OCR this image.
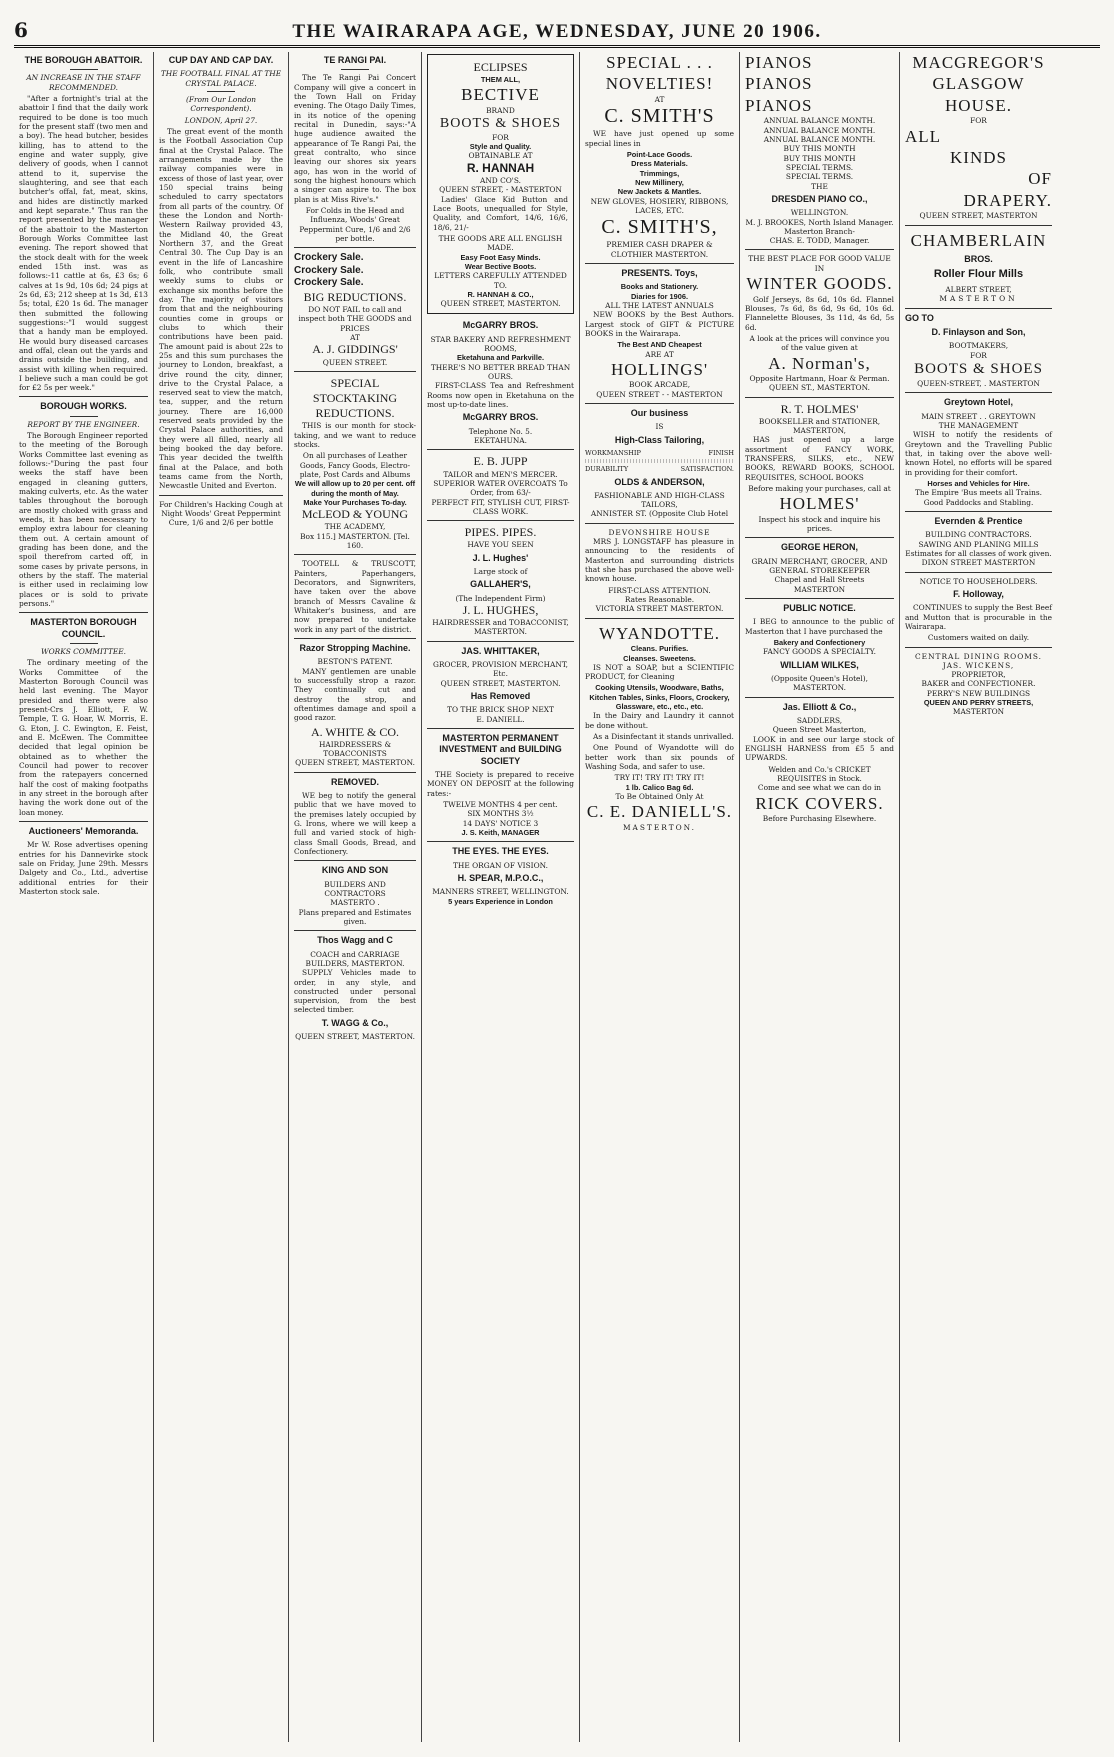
6	THE WAIRARAPA AGE, WEDNESDAY, JUNE 20 1906.
THE BOROUGH ABATTOIR.
AN INCREASE IN THE STAFF RECOMMENDED.

"After a fortnight's trial at the abattoir I find that the daily work required to be done is too much for the present staff (two men and a boy). The head butcher, besides killing, has to attend to the engine and water supply, give delivery of goods, when I cannot attend to it, supervise the slaughtering, and see that each butcher's offal, fat, meat, skins, and hides are distinctly marked and kept separate." Thus ran the report presented by the manager of the abattoir to the Masterton Borough Works Committee last evening. The report showed that the stock dealt with for the week ended 15th inst. was as follows:-11 cattle at 6s, £3 6s; 6 calves at 1s 9d, 10s 6d; 24 pigs at 2s 6d, £3; 212 sheep at 1s 3d, £13 5s; total, £20 1s 6d. The manager then submitted the following suggestions:-"I would suggest that a handy man be employed. He would bury diseased carcases and offal, clean out the yards and drains outside the building, and assist with killing when required. I believe such a man could be got for £2 5s per week."

BOROUGH WORKS.
REPORT BY THE ENGINEER.

The Borough Engineer reported to the meeting of the Borough Works Committee last evening as follows:-"During the past four weeks the staff have been engaged in cleaning gutters, making culverts, etc. As the water tables throughout the borough are mostly choked with grass and weeds, it has been necessary to employ extra labour for cleaning them out. A certain amount of grading has been done, and the spoil therefrom carted off, in some cases by private persons, in others by the staff. The material is either used in reclaiming low places or is sold to private persons."

MASTERTON BOROUGH COUNCIL.
WORKS COMMITTEE.

The ordinary meeting of the Works Committee of the Masterton Borough Council was held last evening. The Mayor presided and there were also present-Crs J. Elliott, F. W. Temple, T. G. Hoar, W. Morris, E. G. Eton, J. C. Ewington, E. Feist, and E. McEwen. The Committee decided that legal opinion be obtained as to whether the Council had power to recover from the ratepayers concerned half the cost of making footpaths in any street in the borough after having the work done out of the loan money.

Auctioneers' Memoranda.

Mr W. Rose advertises opening entries for his Dannevirke stock sale on Friday, June 29th. Messrs Dalgety and Co., Ltd., advertise additional entries for their Masterton stock sale.

CUP DAY AND CAP DAY.
THE FOOTBALL FINAL AT THE CRYSTAL PALACE.
(From Our London Correspondent).
LONDON, April 27.

The great event of the month is the Football Association Cup final at the Crystal Palace. The arrangements made by the railway companies were in excess of those of last year, over 150 special trains being scheduled to carry spectators from all parts of the country. Of these the London and North-Western Railway provided 43, the Midland 40, the Great Northern 37, and the Great Central 30. The Cup Day is an event in the life of Lancashire folk, who contribute small weekly sums to clubs or exchange six months before the day. The majority of visitors from that and the neighbouring counties come in groups or clubs to which their contributions have been paid. The amount paid is about 22s to 25s and this sum purchases the journey to London, breakfast, a drive round the city, dinner, drive to the Crystal Palace, a reserved seat to view the match, tea, supper, and the return journey. There are 16,000 reserved seats provided by the Crystal Palace authorities, and they were all filled, nearly all being booked the day before. This year decided the twelfth final at the Palace, and both teams came from the North, Newcastle United and Everton.

For Children's Hacking Cough at Night Woods' Great Peppermint Cure, 1/6 and 2/6 per bottle
TE RANGI PAI.

The Te Rangi Pai Concert Company will give a concert in the Town Hall on Friday evening. The Otago Daily Times, in its notice of the opening recital in Dunedin, says:-"A huge audience awaited the appearance of Te Rangi Pai, the great contralto, who since leaving our shores six years ago, has won in the world of song the highest honours which a singer can aspire to. The box plan is at Miss Rive's."

For Colds in the Head and Influenza, Woods' Great Peppermint Cure, 1/6 and 2/6 per bottle.
Crockery Sale.
Crockery Sale.
Crockery Sale.
BIG REDUCTIONS.
DO NOT FAIL to call and inspect both THE GOODS and PRICES
AT
A. J. GIDDINGS'
QUEEN STREET.
SPECIAL STOCKTAKING REDUCTIONS.

THIS is our month for stock-taking, and we want to reduce stocks.

On all purchases of Leather Goods, Fancy Goods, Electro-plate, Post Cards and Albums
We will allow up to 20 per cent. off during the month of May.
Make Your Purchases To-day.
McLEOD & YOUNG
THE ACADEMY,
Box 115.] MASTERTON. [Tel. 160.

TOOTELL & TRUSCOTT, Painters, Paperhangers, Decorators, and Signwriters, have taken over the above branch of Messrs Cavaline & Whitaker's business, and are now prepared to undertake work in any part of the district.

Razor Stropping Machine.
BESTON'S PATENT.

MANY gentlemen are unable to successfully strop a razor. They continually cut and destroy the strop, and oftentimes damage and spoil a good razor.

A. WHITE & CO.
HAIRDRESSERS & TOBACCONISTS
QUEEN STREET, MASTERTON.
REMOVED.

WE beg to notify the general public that we have moved to the premises lately occupied by G. Irons, where we will keep a full and varied stock of high-class Small Goods, Bread, and Confectionery.

KING AND SON
BUILDERS AND CONTRACTORS
MASTERTO .
Plans prepared and Estimates given.
Thos Wagg and C
COACH and CARRIAGE BUILDERS, MASTERTON.

SUPPLY Vehicles made to order, in any style, and constructed under personal supervision, from the best selected timber.

T. WAGG & Co.,
QUEEN STREET, MASTERTON.
ECLIPSES
THEM ALL,
BECTIVE
BRAND
BOOTS & SHOES
FOR
Style and Quality.
OBTAINABLE AT
R. HANNAH
AND CO'S.
QUEEN STREET, - MASTERTON

Ladies' Glace Kid Button and Lace Boots, unequalled for Style, Quality, and Comfort, 14/6, 16/6, 18/6, 21/-

THE GOODS ARE ALL ENGLISH MADE.
Easy Foot Easy Minds.
Wear Bective Boots.
LETTERS CAREFULLY ATTENDED TO.
R. HANNAH & CO.,
QUEEN STREET, MASTERTON.
McGARRY BROS.
STAR BAKERY AND REFRESHMENT ROOMS,
Eketahuna and Parkville.
THERE'S NO BETTER BREAD THAN OURS.

FIRST-CLASS Tea and Refreshment Rooms now open in Eketahuna on the most up-to-date lines.

McGARRY BROS.
Telephone No. 5.
EKETAHUNA.
E. B. JUPP
TAILOR and MEN'S MERCER.
SUPERIOR WATER OVERCOATS To Order, from 63/-
PERFECT FIT, STYLISH CUT, FIRST-CLASS WORK.
PIPES. PIPES.
HAVE YOU SEEN
J. L. Hughes'
Large stock of
GALLAHER'S,
(The Independent Firm)
J. L. HUGHES,
HAIRDRESSER and TOBACCONIST,
MASTERTON.
JAS. WHITTAKER,
GROCER, PROVISION MERCHANT, Etc.
QUEEN STREET, MASTERTON.
Has Removed
TO THE BRICK SHOP NEXT
E. DANIELL.
MASTERTON PERMANENT INVESTMENT and BUILDING SOCIETY

THE Society is prepared to receive MONEY ON DEPOSIT at the following rates:-

TWELVE MONTHS 4 per cent.
SIX MONTHS 3½
14 DAYS' NOTICE 3
J. S. Keith, MANAGER
THE EYES. THE EYES.
THE ORGAN OF VISION.
H. SPEAR, M.P.O.C.,
MANNERS STREET, WELLINGTON.
5 years Experience in London
SPECIAL . . .
NOVELTIES!
AT
C. SMITH'S

WE have just opened up some special lines in

Point-Lace Goods.
Dress Materials.
Trimmings,
New Millinery,
New Jackets & Mantles.
NEW GLOVES, HOSIERY, RIBBONS, LACES, ETC.
C. SMITH'S,
PREMIER CASH DRAPER & CLOTHIER MASTERTON.
PRESENTS. Toys,
Books and Stationery.
Diaries for 1906.
ALL THE LATEST ANNUALS

NEW BOOKS by the Best Authors. Largest stock of GIFT & PICTURE BOOKS in the Wairarapa.

The Best AND Cheapest
ARE AT
HOLLINGS'
BOOK ARCADE,
QUEEN STREET - - MASTERTON
Our business
IS
High-Class Tailoring,
WORKMANSHIP	FINISH
DURABILITY	SATISFACTION.
OLDS & ANDERSON,
FASHIONABLE AND HIGH-CLASS TAILORS,
ANNISTER ST. (Opposite Club Hotel
DEVONSHIRE HOUSE

MRS J. LONGSTAFF has pleasure in announcing to the residents of Masterton and surrounding districts that she has purchased the above well-known house.

FIRST-CLASS ATTENTION.
Rates Reasonable.
VICTORIA STREET MASTERTON.
WYANDOTTE.
Cleans. Purifies.
Cleanses. Sweetens.

IS NOT a SOAP, but a SCIENTIFIC PRODUCT, for Cleaning

Cooking Utensils, Woodware, Baths, Kitchen Tables, Sinks, Floors, Crockery, Glassware, etc., etc., etc.

In the Dairy and Laundry it cannot be done without.

As a Disinfectant it stands unrivalled.

One Pound of Wyandotte will do better work than six pounds of Washing Soda, and safer to use.

TRY IT! TRY IT! TRY IT!
1 lb. Calico Bag 6d.
To Be Obtained Only At
C. E. DANIELL'S.
MASTERTON.
PIANOS
PIANOS
PIANOS
ANNUAL BALANCE MONTH.
ANNUAL BALANCE MONTH.
ANNUAL BALANCE MONTH.
BUY THIS MONTH
BUY THIS MONTH
SPECIAL TERMS.
SPECIAL TERMS.
THE
DRESDEN PIANO CO.,
WELLINGTON.
M. J. BROOKES, North Island Manager.
Masterton Branch-
CHAS. E. TODD, Manager.
THE BEST PLACE FOR GOOD VALUE IN
WINTER GOODS.

Golf Jerseys, 8s 6d, 10s 6d. Flannel Blouses, 7s 6d, 8s 6d, 9s 6d, 10s 6d. Flannelette Blouses, 3s 11d, 4s 6d, 5s 6d.

A look at the prices will convince you of the value given at
A. Norman's,
Opposite Hartmann, Hoar & Perman.
QUEEN ST., MASTERTON.
R. T. HOLMES'
BOOKSELLER and STATIONER,
MASTERTON,

HAS just opened up a large assortment of FANCY WORK, TRANSFERS, SILKS, etc., NEW BOOKS, REWARD BOOKS, SCHOOL REQUISITES, SCHOOL BOOKS

Before making your purchases, call at
HOLMES'
Inspect his stock and inquire his prices.
GEORGE HERON,
GRAIN MERCHANT, GROCER, AND
GENERAL STOREKEEPER
Chapel and Hall Streets
MASTERTON
PUBLIC NOTICE.

I BEG to announce to the public of Masterton that I have purchased the

Bakery and Confectionery
FANCY GOODS A SPECIALTY.
WILLIAM WILKES,
(Opposite Queen's Hotel),
MASTERTON.
Jas. Elliott & Co.,
SADDLERS,
Queen Street Masterton,

LOOK in and see our large stock of ENGLISH HARNESS from £5 5 and UPWARDS.

Welden and Co.'s CRICKET REQUISITES in Stock.
Come and see what we can do in
RICK COVERS.
Before Purchasing Elsewhere.
MACGREGOR'S
GLASGOW
HOUSE.
FOR
ALL
KINDS
OF
DRAPERY.
QUEEN STREET, MASTERTON
CHAMBERLAIN
BROS.
Roller Flour Mills
ALBERT STREET,
MASTERTON
GO TO
D. Finlayson and Son,
BOOTMAKERS,
FOR
BOOTS & SHOES
QUEEN-STREET, . MASTERTON
Greytown Hotel,
MAIN STREET . . GREYTOWN
THE MANAGEMENT

WISH to notify the residents of Greytown and the Travelling Public that, in taking over the above well-known Hotel, no efforts will be spared in providing for their comfort.

Horses and Vehicles for Hire.
The Empire 'Bus meets all Trains. Good Paddocks and Stabling.
Evernden & Prentice
BUILDING CONTRACTORS.
SAWING AND PLANING MILLS
Estimates for all classes of work given.
DIXON STREET MASTERTON
NOTICE TO HOUSEHOLDERS.
F. Holloway,

CONTINUES to supply the Best Beef and Mutton that is procurable in the Wairarapa.

Customers waited on daily.
CENTRAL DINING ROOMS.
JAS. WICKENS,
PROPRIETOR,
BAKER and CONFECTIONER.
PERRY'S NEW BUILDINGS
QUEEN AND PERRY STREETS,
MASTERTON
